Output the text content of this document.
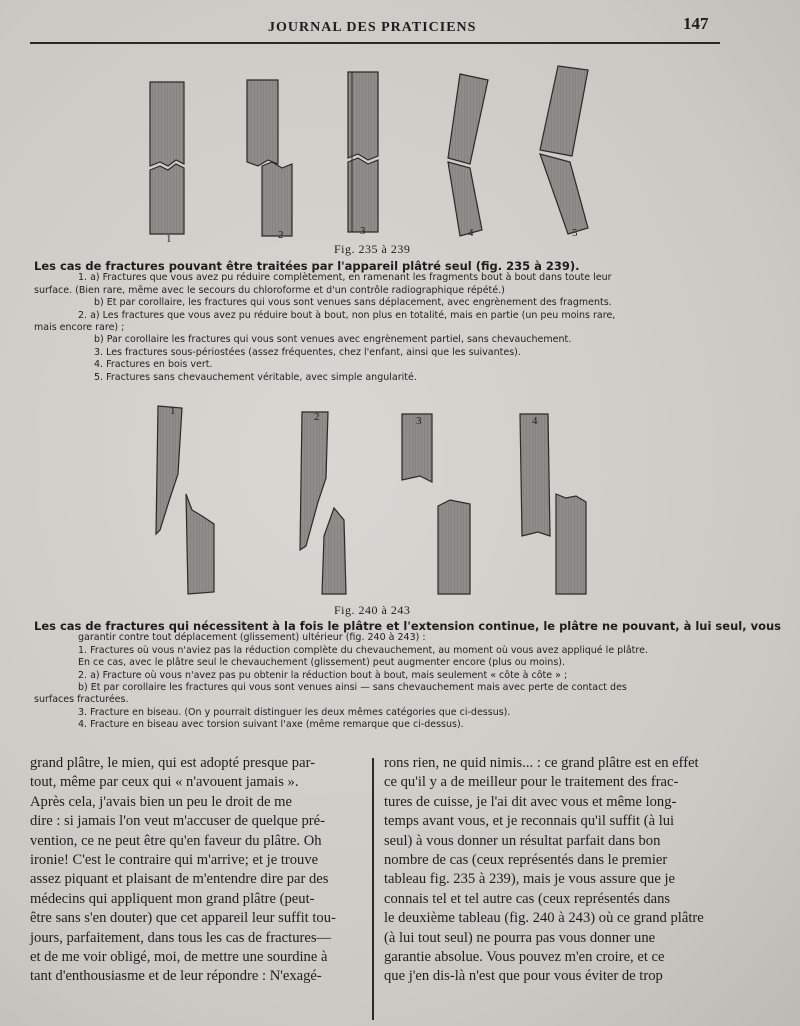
JOURNAL DES PRATICIENS	147
1	2	3	4	5
Fig. 235 à 239

Les cas de fractures pouvant être traitées par l'appareil plâtré seul (fig. 235 à 239).

1. a) Fractures que vous avez pu réduire complètement, en ramenant les fragments bout à bout dans toute leur

surface. (Bien rare, même avec le secours du chloroforme et d'un contrôle radiographique répété.)

b) Et par corollaire, les fractures qui vous sont venues sans déplacement, avec engrènement des fragments.

2. a) Les fractures que vous avez pu réduire bout à bout, non plus en totalité, mais en partie (un peu moins rare,

mais encore rare) ;

b) Par corollaire les fractures qui vous sont venues avec engrènement partiel, sans chevauchement.

3. Les fractures sous-périostées (assez fréquentes, chez l'enfant, ainsi que les suivantes).

4. Fractures en bois vert.

5. Fractures sans chevauchement véritable, avec simple angularité.

1	2	3	4
Fig. 240 à 243

Les cas de fractures qui nécessitent à la fois le plâtre et l'extension continue, le plâtre ne pouvant, à lui seul, vous

garantir contre tout déplacement (glissement) ultérieur (fig. 240 à 243) :

1. Fractures où vous n'aviez pas la réduction complète du chevauchement, au moment où vous avez appliqué le plâtre.

En ce cas, avec le plâtre seul le chevauchement (glissement) peut augmenter encore (plus ou moins).

2. a) Fracture où vous n'avez pas pu obtenir la réduction bout à bout, mais seulement « côte à côte » ;

b) Et par corollaire les fractures qui vous sont venues ainsi — sans chevauchement mais avec perte de contact des

surfaces fracturées.

3. Fracture en biseau. (On y pourrait distinguer les deux mêmes catégories que ci-dessus).

4. Fracture en biseau avec torsion suivant l'axe (même remarque que ci-dessus).

grand plâtre, le mien, qui est adopté presque par-

tout, même par ceux qui « n'avouent jamais ».

Après cela, j'avais bien un peu le droit de me

dire : si jamais l'on veut m'accuser de quelque pré-

vention, ce ne peut être qu'en faveur du plâtre. Oh

ironie! C'est le contraire qui m'arrive; et je trouve

assez piquant et plaisant de m'entendre dire par des

médecins qui appliquent mon grand plâtre (peut-

être sans s'en douter) que cet appareil leur suffit tou-

jours, parfaitement, dans tous les cas de fractures—

et de me voir obligé, moi, de mettre une sourdine à

tant d'enthousiasme et de leur répondre : N'exagé-

rons rien, ne quid nimis... : ce grand plâtre est en effet

ce qu'il y a de meilleur pour le traitement des frac-

tures de cuisse, je l'ai dit avec vous et même long-

temps avant vous, et je reconnais qu'il suffit (à lui

seul) à vous donner un résultat parfait dans bon

nombre de cas (ceux représentés dans le premier

tableau fig. 235 à 239), mais je vous assure que je

connais tel et tel autre cas (ceux représentés dans

le deuxième tableau (fig. 240 à 243) où ce grand plâtre

(à lui tout seul) ne pourra pas vous donner une

garantie absolue. Vous pouvez m'en croire, et ce

que j'en dis-là n'est que pour vous éviter de trop
